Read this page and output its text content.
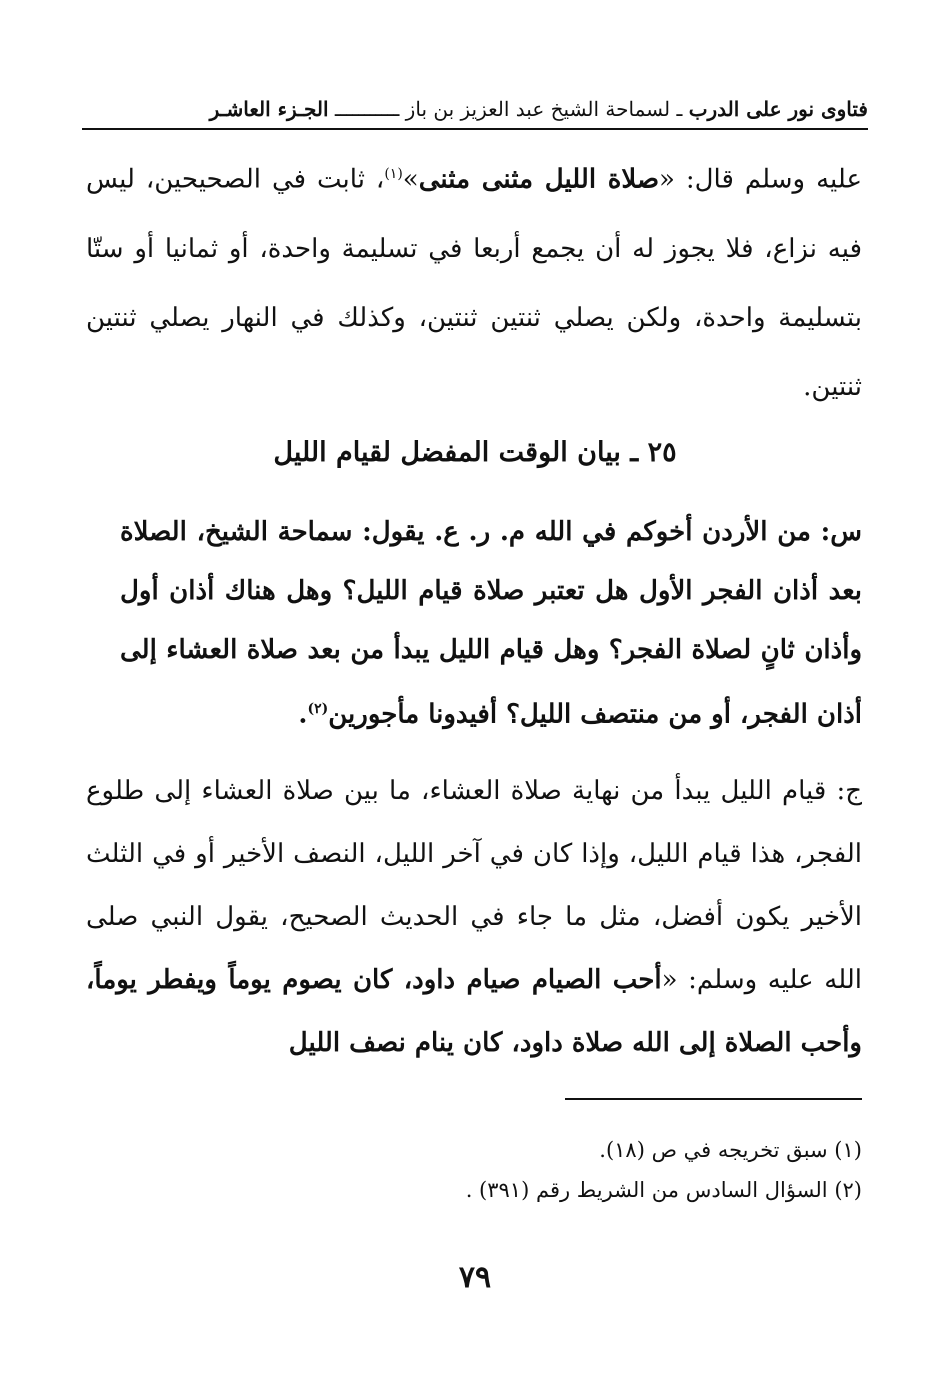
فتاوى نور على الدرب ـ لسماحة الشيخ عبد العزيز بن باز ـــــــــــ الجـزء العاشـر
عليه وسلم قال: «صلاة الليل مثنى مثنى»$^{(١)}$، ثابت في الصحيحين، ليس فيه نزاع، فلا يجوز له أن يجمع أربعا في تسليمة واحدة، أو ثمانيا أو ستّا بتسليمة واحدة، ولكن يصلي ثنتين ثنتين، وكذلك في النهار يصلي ثنتين ثنتين.
٢٥ ـ بيان الوقت المفضل لقيام الليل
س: من الأردن أخوكم في الله م. ر. ع. يقول: سماحة الشيخ، الصلاة بعد أذان الفجر الأول هل تعتبر صلاة قيام الليل؟ وهل هناك أذان أول وأذان ثانٍ لصلاة الفجر؟ وهل قيام الليل يبدأ من بعد صلاة العشاء إلى أذان الفجر، أو من منتصف الليل؟ أفيدونا مأجورين$^{(٢)}$.
ج: قيام الليل يبدأ من نهاية صلاة العشاء، ما بين صلاة العشاء إلى طلوع الفجر، هذا قيام الليل، وإذا كان في آخر الليل، النصف الأخير أو في الثلث الأخير يكون أفضل، مثل ما جاء في الحديث الصحيح، يقول النبي صلى الله عليه وسلم: «أحب الصيام صيام داود، كان يصوم يوماً ويفطر يوماً، وأحب الصلاة إلى الله صلاة داود، كان ينام نصف الليل
(١) سبق تخريجه في ص (١٨).
(٢) السؤال السادس من الشريط رقم (٣٩١) .
٧٩
